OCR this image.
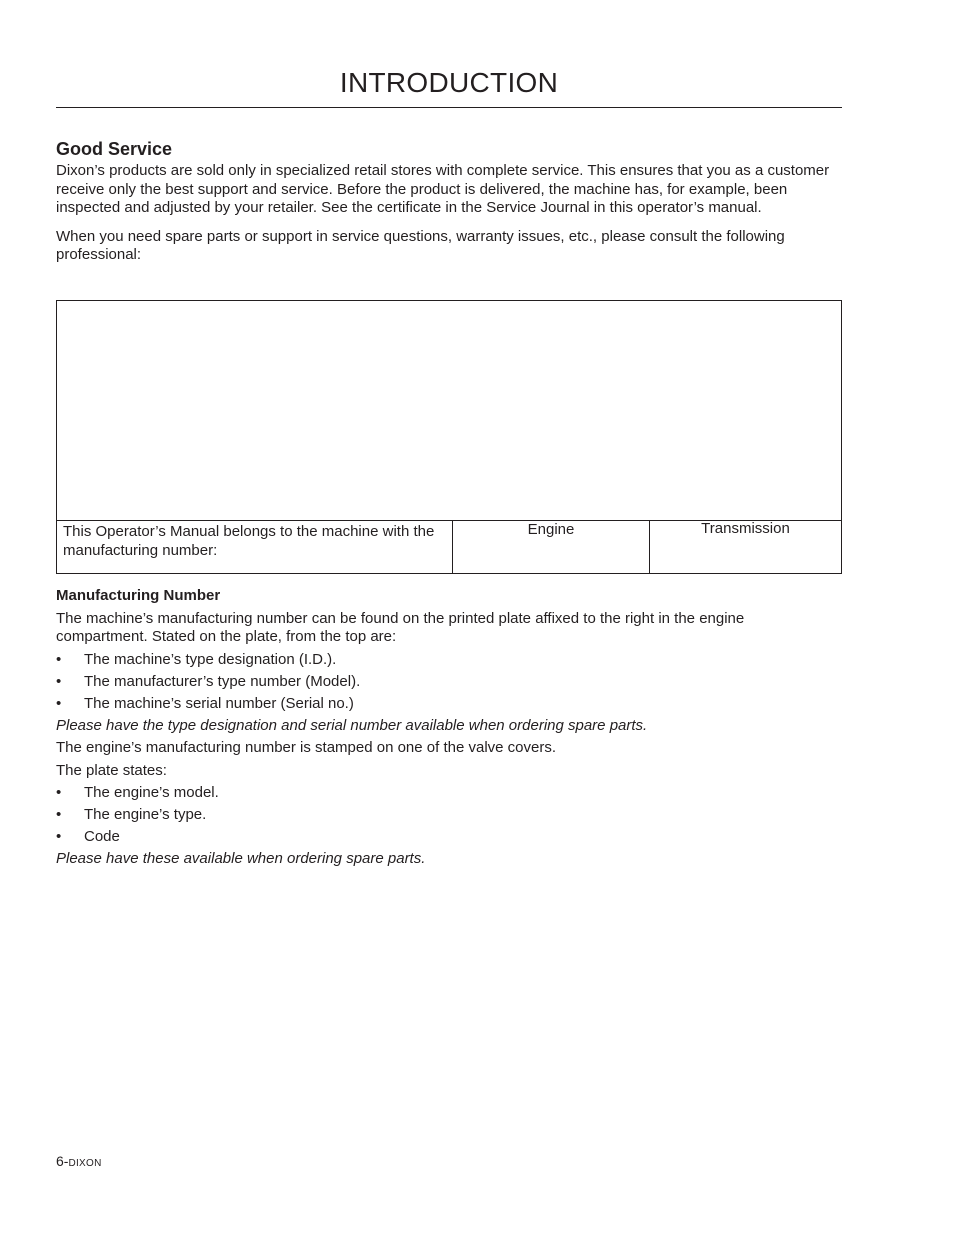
INTRODUCTION
Good Service

Dixon’s products are sold only in specialized retail stores with complete service. This ensures that you as a customer receive only the best support and service. Before the product is delivered, the machine has, for example, been inspected and adjusted by your retailer. See the certificate in the Service Journal in this operator’s manual.

When you need spare parts or support in service questions, warranty issues, etc., please consult the following professional:

This Operator’s Manual belongs to the machine with the manufacturing number:
Engine	Transmission
Manufacturing Number

The machine’s manufacturing number can be found on the printed plate affixed to the right in the engine compartment. Stated on the plate, from the top are:

• The machine’s type designation (I.D.).
• The manufacturer’s type number (Model).
• The machine’s serial number (Serial no.)

Please have the type designation and serial number available when ordering spare parts.

The engine’s manufacturing number is stamped on one of the valve covers.

The plate states:

• The engine’s model.
• The engine’s type.
• Code

Please have these available when ordering spare parts.

6-DIXON
